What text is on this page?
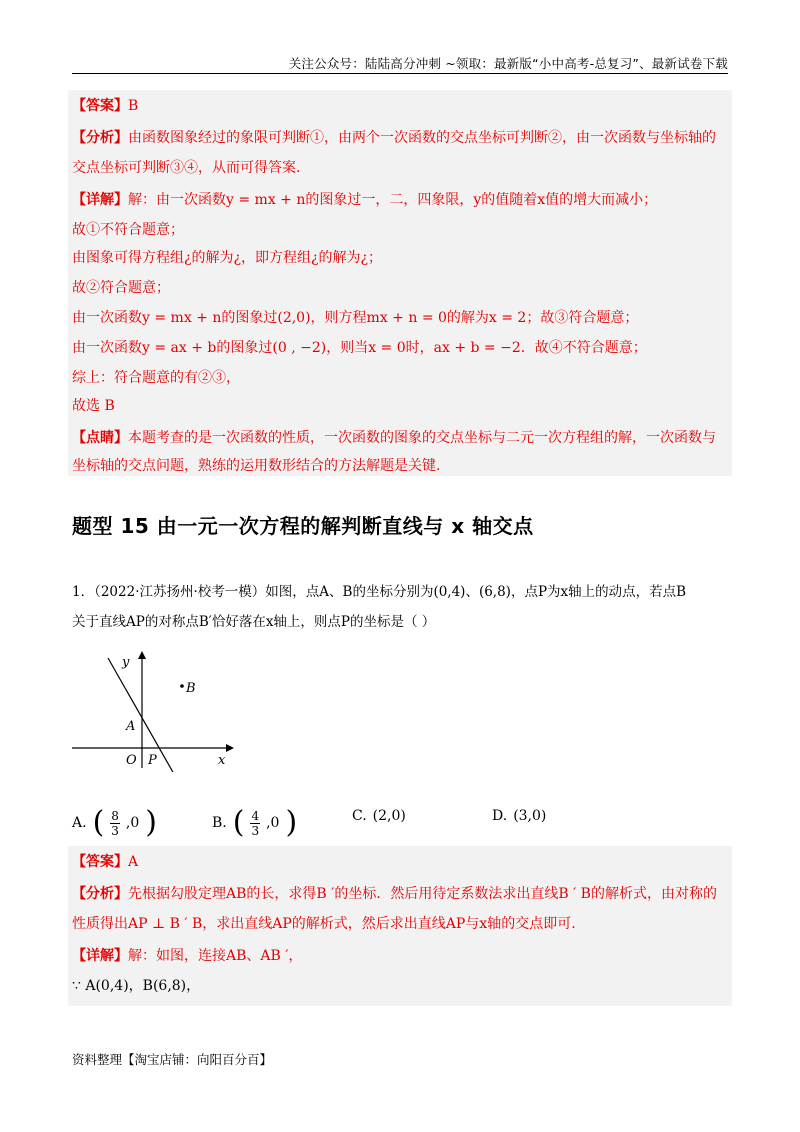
关注公众号：陆陆高分冲刺 ~领取：最新版“小中高考-总复习”、最新试卷下载
【答案】B
【分析】由函数图象经过的象限可判断①，由两个一次函数的交点坐标可判断②，由一次函数与坐标轴的
交点坐标可判断③④，从而可得答案.
【详解】解：由一次函数y = mx + n的图象过一，二，四象限，y的值随着x值的增大而减小；
故①不符合题意；
由图象可得方程组¿的解为¿，即方程组¿的解为¿；
故②符合题意；
由一次函数y = mx + n的图象过(2,0)，则方程mx + n = 0的解为x = 2；故③符合题意；
由一次函数y = ax + b的图象过(0 , −2)，则当x = 0时，ax + b = −2．故④不符合题意；
综上：符合题意的有②③，
故选 B
【点睛】本题考查的是一次函数的性质，一次函数的图象的交点坐标与二元一次方程组的解，一次函数与
坐标轴的交点问题，熟练的运用数形结合的方法解题是关键.
题型 15 由一元一次方程的解判断直线与 x 轴交点
1．（2022·江苏扬州·校考一模）如图，点A、B的坐标分别为(0,4)、(6,8)，点P为x轴上的动点，若点B
关于直线AP的对称点B′恰好落在x轴上，则点P的坐标是（ ）
y
x
O
A
P
B
A. ( $\frac{8}{3} ,0$ )	B. ( $\frac{4}{3} ,0$ )	C. (2,0)	D. (3,0)
【答案】A
【分析】先根据勾股定理AB的长，求得B ′的坐标．然后用待定系数法求出直线B ′ B的解析式，由对称的
性质得出AP ⊥ B ′ B，求出直线AP的解析式，然后求出直线AP与x轴的交点即可.
【详解】解：如图，连接AB、AB ′，
∵ A(0,4)，B(6,8)，
资料整理【淘宝店铺：向阳百分百】
